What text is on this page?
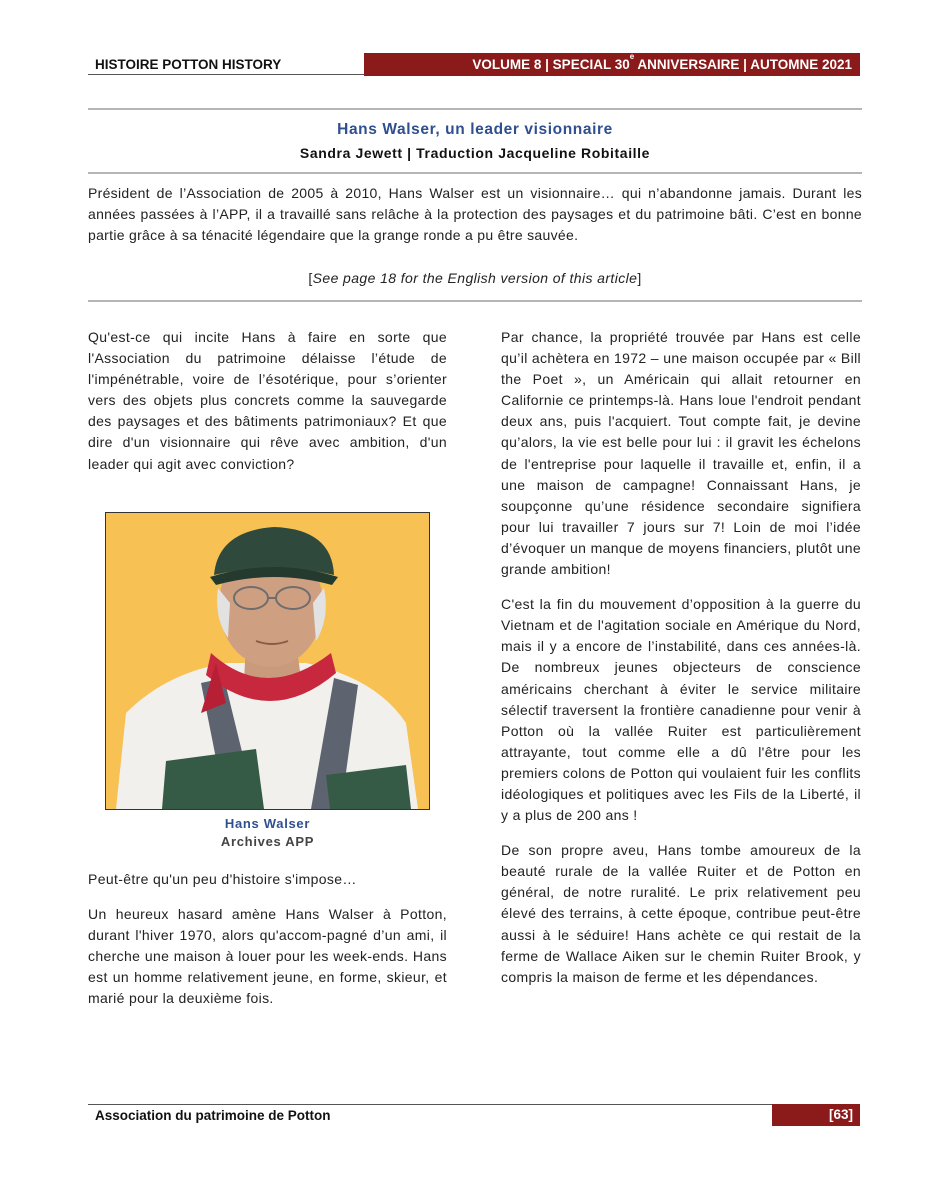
HISTOIRE POTTON HISTORY	VOLUME 8 | SPECIAL 30e ANNIVERSAIRE | AUTOMNE 2021
Hans Walser, un leader visionnaire
Sandra Jewett | Traduction Jacqueline Robitaille
Président de l’Association de 2005 à 2010, Hans Walser est un visionnaire… qui n’abandonne jamais. Durant les années passées à l’APP, il a travaillé sans relâche à la protection des paysages et du patrimoine bâti. C’est en bonne partie grâce à sa ténacité légendaire que la grange ronde a pu être sauvée.
[See page 18 for the English version of this article]

Qu'est-ce qui incite Hans à faire en sorte que l'Association du patrimoine délaisse l’étude de l'impénétrable, voire de l’ésotérique, pour s’orienter vers des objets plus concrets comme la sauvegarde des paysages et des bâtiments patrimoniaux? Et que dire d'un visionnaire qui rêve avec ambition, d'un leader qui agit avec conviction?

Hans Walser
Archives APP

Peut-être qu'un peu d'histoire s'impose…

Un heureux hasard amène Hans Walser à Potton, durant l'hiver 1970, alors qu'accom-pagné d’un ami, il cherche une maison à louer pour les week-ends. Hans est un homme relativement jeune, en forme, skieur, et marié pour la deuxième fois.

Par chance, la propriété trouvée par Hans est celle qu’il achètera en 1972 – une maison occupée par « Bill the Poet », un Américain qui allait retourner en Californie ce printemps-là. Hans loue l'endroit pendant deux ans, puis l'acquiert. Tout compte fait, je devine qu’alors, la vie est belle pour lui : il gravit les échelons de l'entreprise pour laquelle il travaille et, enfin, il a une maison de campagne! Connaissant Hans, je soupçonne qu’une résidence secondaire signifiera pour lui travailler 7 jours sur 7! Loin de moi l’idée d’évoquer un manque de moyens financiers, plutôt une grande ambition!

C'est la fin du mouvement d’opposition à la guerre du Vietnam et de l'agitation sociale en Amérique du Nord, mais il y a encore de l’instabilité, dans ces années-là. De nombreux jeunes objecteurs de conscience américains cherchant à éviter le service militaire sélectif traversent la frontière canadienne pour venir à Potton où la vallée Ruiter est particulièrement attrayante, tout comme elle a dû l'être pour les premiers colons de Potton qui voulaient fuir les conflits idéologiques et politiques avec les Fils de la Liberté, il y a plus de 200 ans !

De son propre aveu, Hans tombe amoureux de la beauté rurale de la vallée Ruiter et de Potton en général, de notre ruralité. Le prix relativement peu élevé des terrains, à cette époque, contribue peut-être aussi à le séduire! Hans achète ce qui restait de la ferme de Wallace Aiken sur le chemin Ruiter Brook, y compris la maison de ferme et les dépendances.

Association du patrimoine de Potton	[63]
